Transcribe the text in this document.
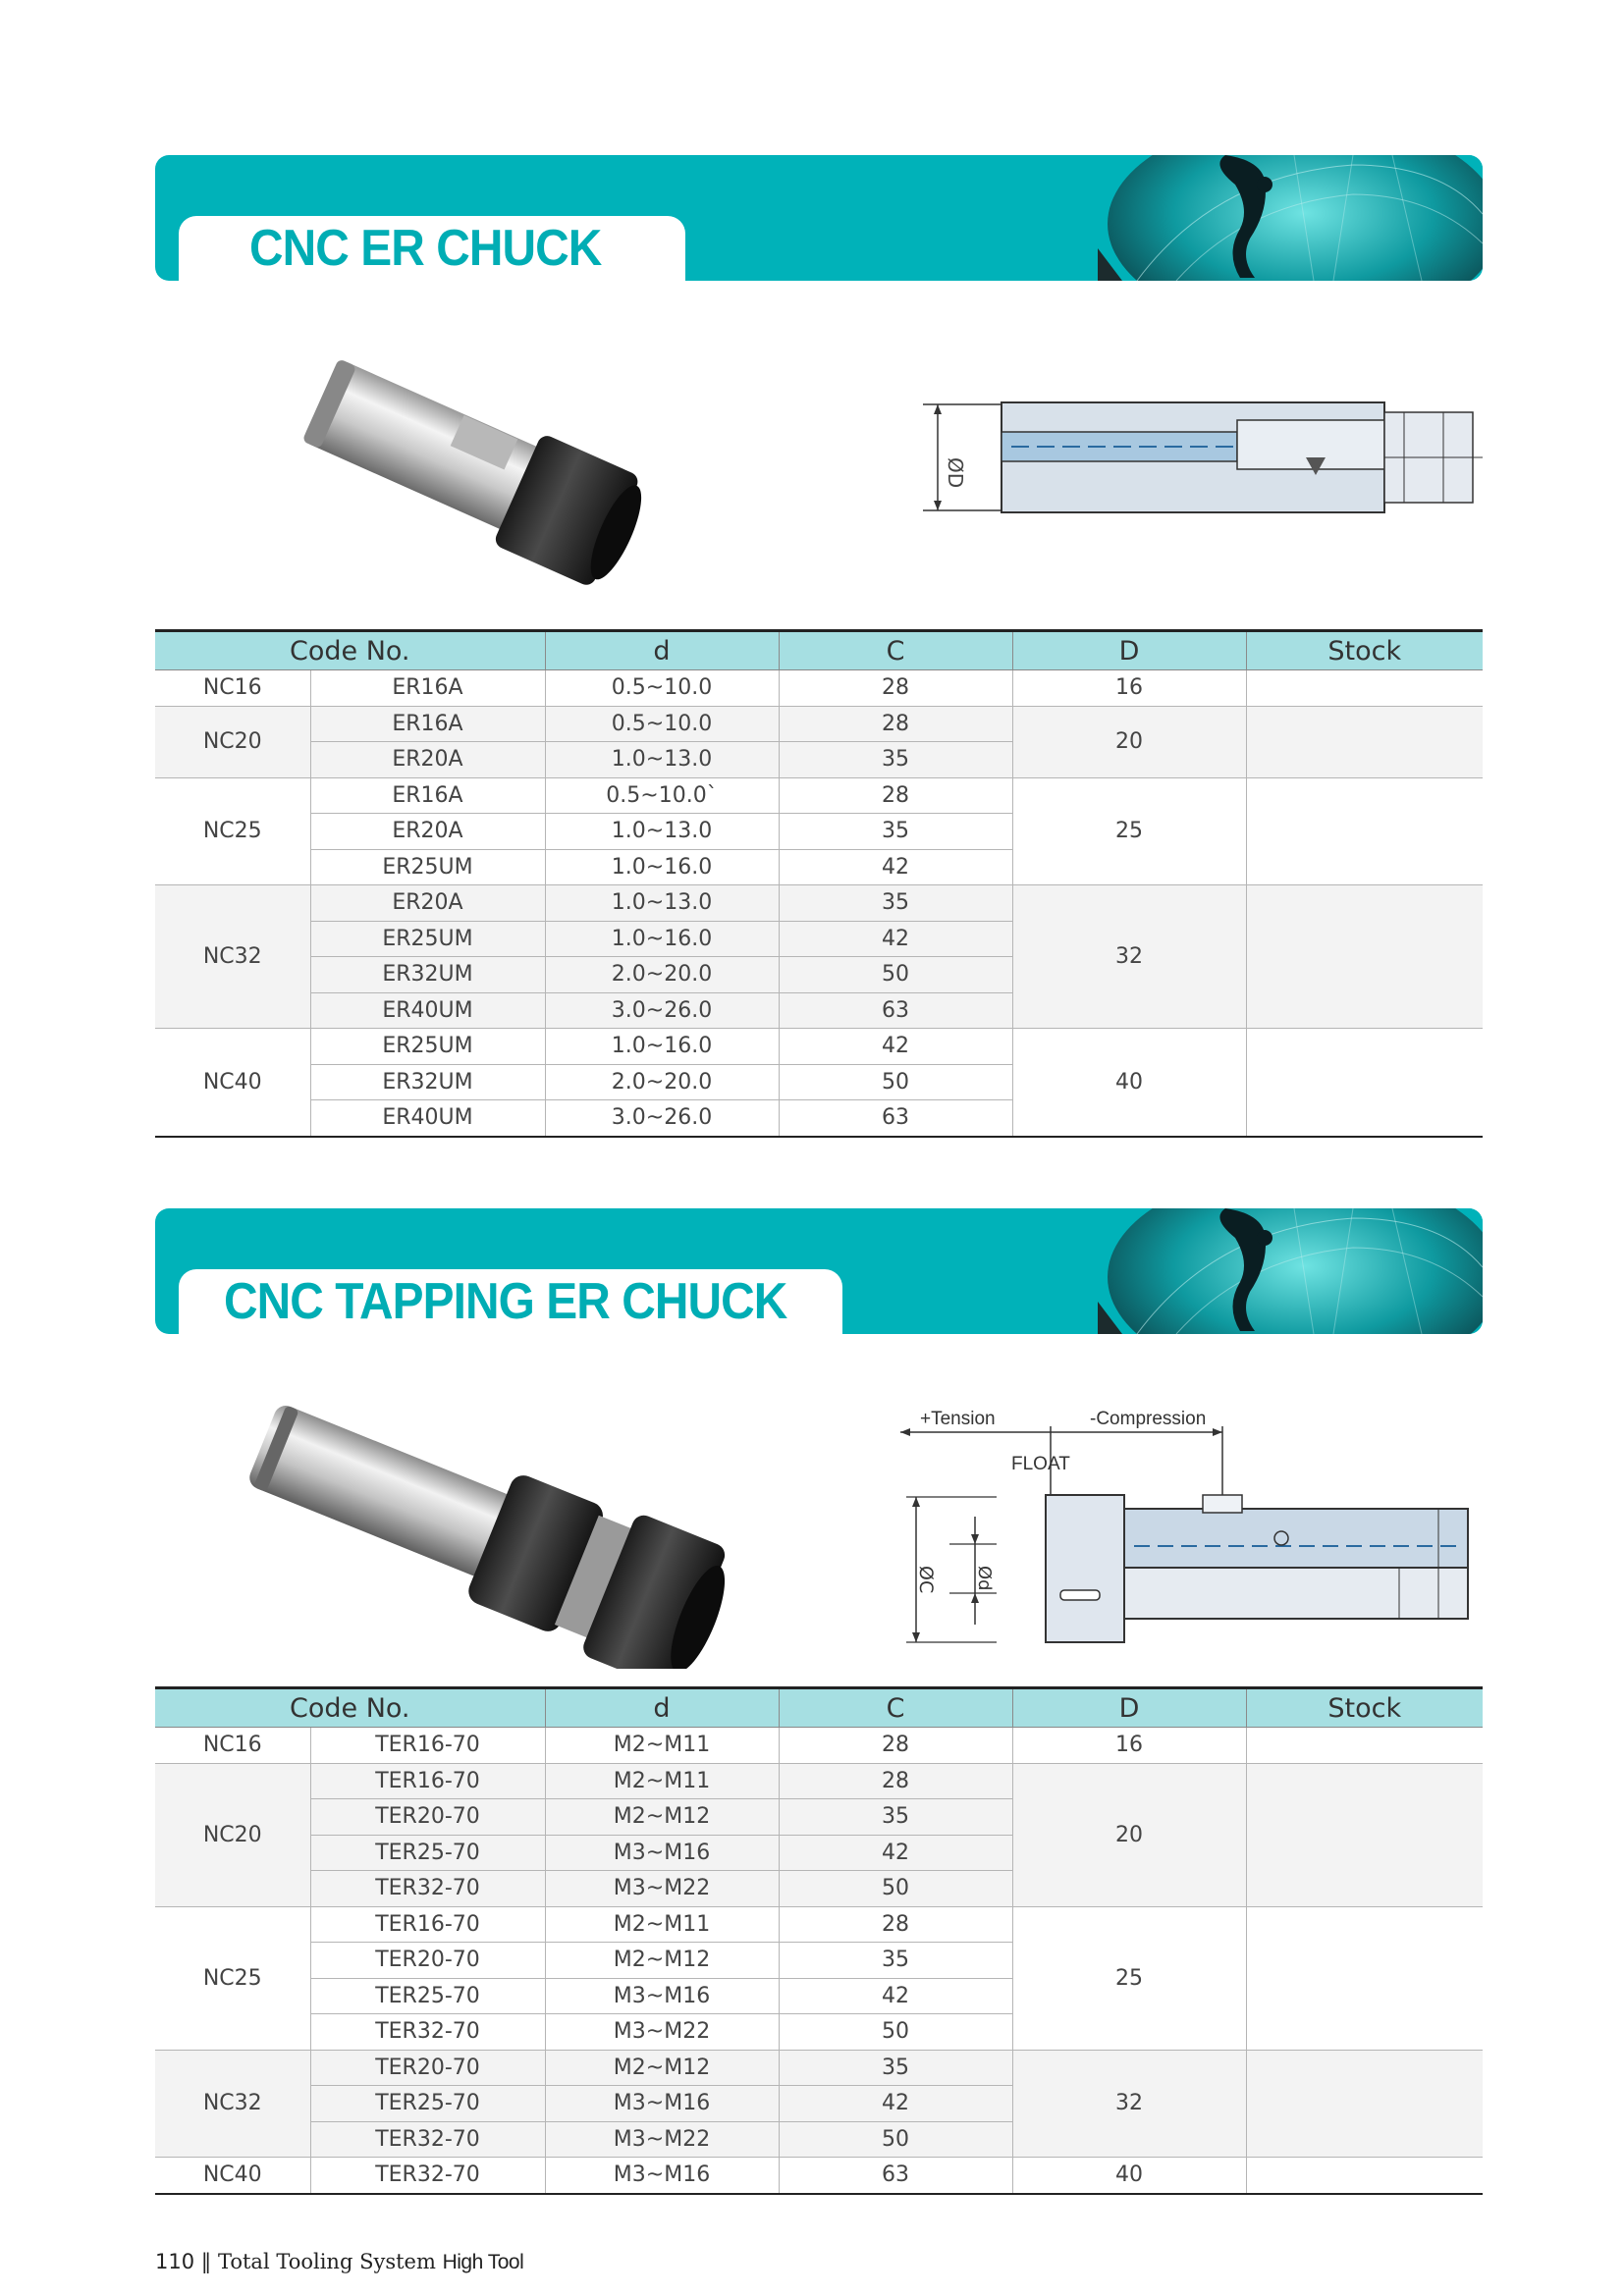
CNC ER CHUCK
ØD
Code No.		d	C	D	Stock
NC16	ER16A	0.5~10.0	28	16	
NC20	ER16A	0.5~10.0	28	20	
	ER20A	1.0~13.0	35		
NC25	ER16A	0.5~10.0`	28	25	
	ER20A	1.0~13.0	35		
	ER25UM	1.0~16.0	42		
NC32	ER20A	1.0~13.0	35	32	
	ER25UM	1.0~16.0	42		
	ER32UM	2.0~20.0	50		
	ER40UM	3.0~26.0	63		
NC40	ER25UM	1.0~16.0	42	40	
	ER32UM	2.0~20.0	50		
	ER40UM	3.0~26.0	63		
CNC TAPPING ER CHUCK
+Tension	-Compression
FLOAT
ØC Ød
Code No.		d	C	D	Stock
NC16	TER16-70	M2~M11	28	16	
NC20	TER16-70	M2~M11	28	20	
	TER20-70	M2~M12	35		
	TER25-70	M3~M16	42		
	TER32-70	M3~M22	50		
NC25	TER16-70	M2~M11	28	25	
	TER20-70	M2~M12	35		
	TER25-70	M3~M16	42		
	TER32-70	M3~M22	50		
NC32	TER20-70	M2~M12	35	32	
	TER25-70	M3~M16	42		
	TER32-70	M3~M22	50		
NC40	TER32-70	M3~M16	63	40	
110 ‖ Total Tooling System High Tool
